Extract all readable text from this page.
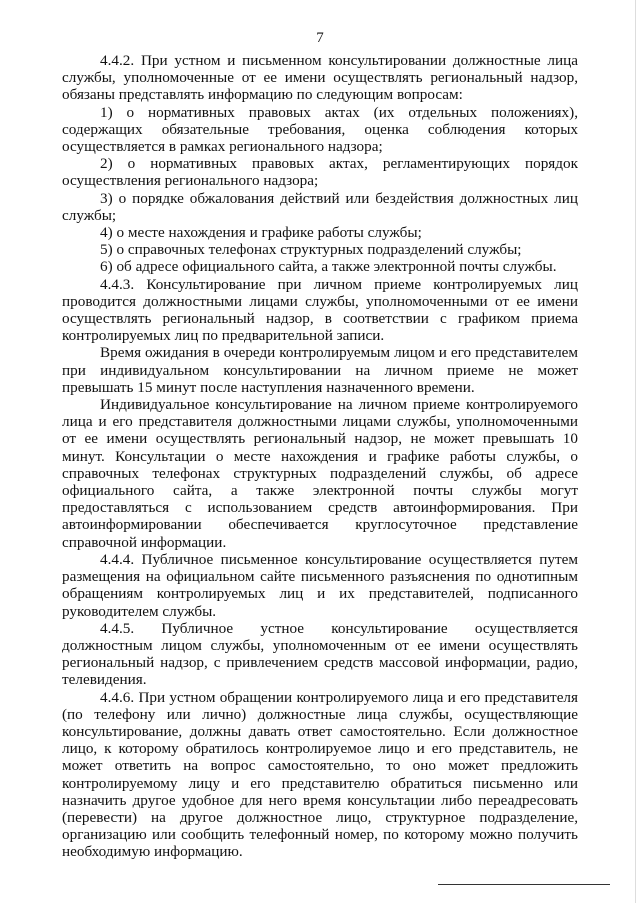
7

4.4.2. При устном и письменном консультировании должностные лица службы, уполномоченные от ее имени осуществлять региональный надзор, обязаны представлять информацию по следующим вопросам:

1) о нормативных правовых актах (их отдельных положениях), содержащих обязательные требования, оценка соблюдения которых осуществляется в рамках регионального надзора;

2) о нормативных правовых актах, регламентирующих порядок осуществления регионального надзора;

3) о порядке обжалования действий или бездействия должностных лиц службы;

4) о месте нахождения и графике работы службы;

5) о справочных телефонах структурных подразделений службы;

6) об адресе официального сайта, а также электронной почты службы.

4.4.3. Консультирование при личном приеме контролируемых лиц проводится должностными лицами службы, уполномоченными от ее имени осуществлять региональный надзор, в соответствии с графиком приема контролируемых лиц по предварительной записи.

Время ожидания в очереди контролируемым лицом и его представителем при индивидуальном консультировании на личном приеме не может превышать 15 минут после наступления назначенного времени.

Индивидуальное консультирование на личном приеме контролируемого лица и его представителя должностными лицами службы, уполномоченными от ее имени осуществлять региональный надзор, не может превышать 10 минут. Консультации о месте нахождения и графике работы службы, о справочных телефонах структурных подразделений службы, об адресе официального сайта, а также электронной почты службы могут предоставляться с использованием средств автоинформирования. При автоинформировании обеспечивается круглосуточное представление справочной информации.

4.4.4. Публичное письменное консультирование осуществляется путем размещения на официальном сайте письменного разъяснения по однотипным обращениям контролируемых лиц и их представителей, подписанного руководителем службы.

4.4.5. Публичное устное консультирование осуществляется должностным лицом службы, уполномоченным от ее имени осуществлять региональный надзор, с привлечением средств массовой информации, радио, телевидения.

4.4.6. При устном обращении контролируемого лица и его представителя (по телефону или лично) должностные лица службы, осуществляющие консультирование, должны давать ответ самостоятельно. Если должностное лицо, к которому обратилось контролируемое лицо и его представитель, не может ответить на вопрос самостоятельно, то оно может предложить контролируемому лицу и его представителю обратиться письменно или назначить другое удобное для него время консультации либо переадресовать (перевести) на другое должностное лицо, структурное подразделение, организацию или сообщить телефонный номер, по которому можно получить необходимую информацию.
